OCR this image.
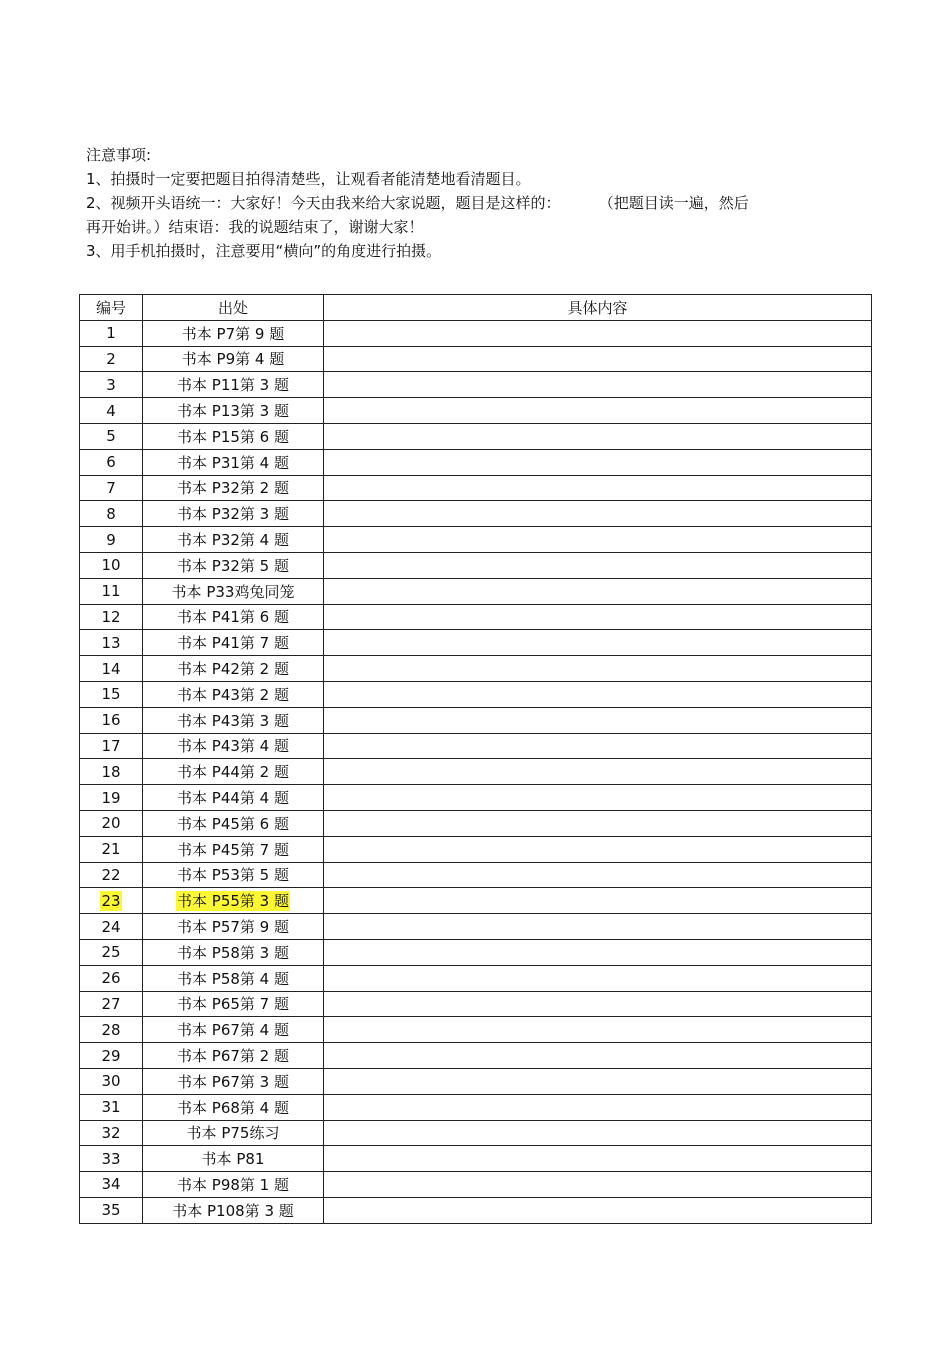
注意事项:

1、拍摄时一定要把题目拍得清楚些，让观看者能清楚地看清题目。

2、视频开头语统一：大家好！今天由我来给大家说题，题目是这样的：        （把题目读一遍，然后

再开始讲。）结束语：我的说题结束了，谢谢大家！

3、用手机拍摄时，注意要用“横向”的角度进行拍摄。

编号	出处	具体内容
1	书本 P7第 9 题	
2	书本 P9第 4 题	
3	书本 P11第 3 题	
4	书本 P13第 3 题	
5	书本 P15第 6 题	
6	书本 P31第 4 题	
7	书本 P32第 2 题	
8	书本 P32第 3 题	
9	书本 P32第 4 题	
10	书本 P32第 5 题	
11	书本 P33鸡兔同笼	
12	书本 P41第 6 题	
13	书本 P41第 7 题	
14	书本 P42第 2 题	
15	书本 P43第 2 题	
16	书本 P43第 3 题	
17	书本 P43第 4 题	
18	书本 P44第 2 题	
19	书本 P44第 4 题	
20	书本 P45第 6 题	
21	书本 P45第 7 题	
22	书本 P53第 5 题	
23	书本 P55第 3 题	
24	书本 P57第 9 题	
25	书本 P58第 3 题	
26	书本 P58第 4 题	
27	书本 P65第 7 题	
28	书本 P67第 4 题	
29	书本 P67第 2 题	
30	书本 P67第 3 题	
31	书本 P68第 4 题	
32	书本 P75练习	
33	书本 P81	
34	书本 P98第 1 题	
35	书本 P108第 3 题	
